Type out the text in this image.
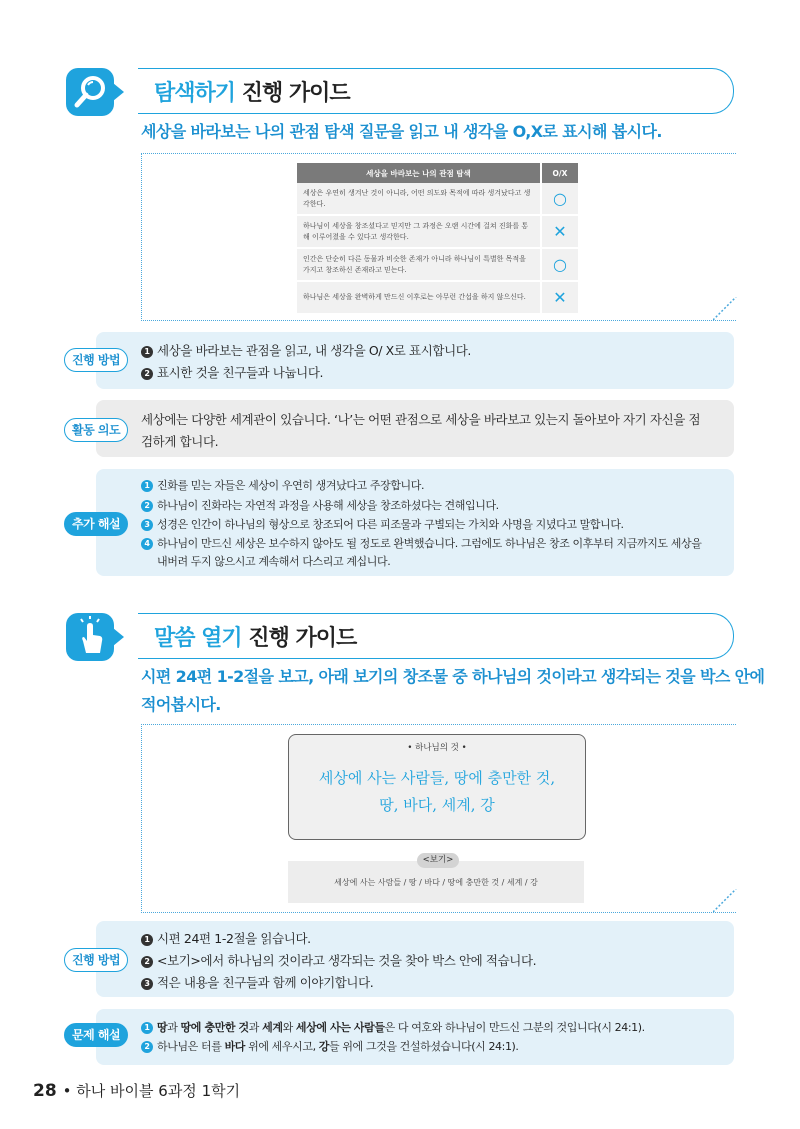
탐색하기 진행 가이드
세상을 바라보는 나의 관점 탐색 질문을 읽고 내 생각을 O,X로 표시해 봅시다.
세상을 바라보는 나의 관점 탐색	O/X
세상은 우연히 생겨난 것이 아니라, 어떤 의도와 목적에 따라 생겨났다고 생각한다.	○
하나님이 세상을 창조셨다고 믿지만 그 과정은 오랜 시간에 걸쳐 진화를 통해 이루어졌을 수 있다고 생각한다.	✕
인간은 단순히 다른 동물과 비슷한 존재가 아니라 하나님이 특별한 목적을 가지고 창조하신 존재라고 믿는다.	○
하나님은 세상을 완벽하게 만드신 이후로는 아무런 간섭을 하지 않으신다.	✕
진행 방법
1 세상을 바라보는 관점을 읽고, 내 생각을 O/ X로 표시합니다.
2 표시한 것을 친구들과 나눕니다.
활동 의도
세상에는 다양한 세계관이 있습니다. ‘나’는 어떤 관점으로 세상을 바라보고 있는지 돌아보아 자기 자신을 점
검하게 합니다.
추가 해설
1 진화를 믿는 자들은 세상이 우연히 생겨났다고 주장합니다.
2 하나님이 진화라는 자연적 과정을 사용해 세상을 창조하셨다는 견해입니다.
3 성경은 인간이 하나님의 형상으로 창조되어 다른 피조물과 구별되는 가치와 사명을 지녔다고 말합니다.
4 하나님이 만드신 세상은 보수하지 않아도 될 정도로 완벽했습니다. 그럼에도 하나님은 창조 이후부터 지금까지도 세상을
내버려 두지 않으시고 계속해서 다스리고 계십니다.
말씀 열기 진행 가이드
시편 24편 1-2절을 보고, 아래 보기의 창조물 중 하나님의 것이라고 생각되는 것을 박스 안에
적어봅시다.
• 하나님의 것 •
세상에 사는 사람들, 땅에 충만한 것,
땅, 바다, 세계, 강
세상에 사는 사람들 / 땅 / 바다 / 땅에 충만한 것 / 세계 / 강
<보기>
진행 방법
1 시편 24편 1-2절을 읽습니다.
2 <보기>에서 하나님의 것이라고 생각되는 것을 찾아 박스 안에 적습니다.
3 적은 내용을 친구들과 함께 이야기합니다.
문제 해설
1 땅과 땅에 충만한 것과 세계와 세상에 사는 사람들은 다 여호와 하나님이 만드신 그분의 것입니다(시 24:1).
2 하나님은 터를 바다 위에 세우시고, 강들 위에 그것을 건설하셨습니다(시 24:1).
28 • 하나 바이블 6과정 1학기
